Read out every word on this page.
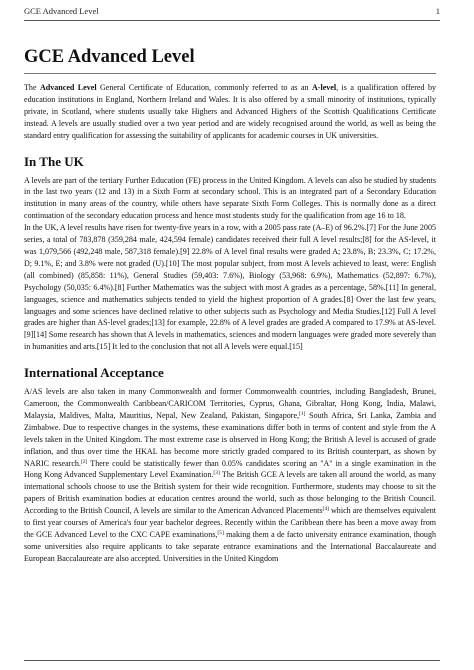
GCE Advanced Level	1
GCE Advanced Level

The Advanced Level General Certificate of Education, commonly referred to as an A-level, is a qualification offered by education institutions in England, Northern Ireland and Wales. It is also offered by a small minority of institutions, typically private, in Scotland, where students usually take Highers and Advanced Highers of the Scottish Qualifications Certificate instead. A levels are usually studied over a two year period and are widely recognised around the world, as well as being the standard entry qualification for assessing the suitability of applicants for academic courses in UK universities.

In The UK

A levels are part of the tertiary Further Education (FE) process in the United Kingdom. A levels can also be studied by students in the last two years (12 and 13) in a Sixth Form at secondary school. This is an integrated part of a Secondary Education institution in many areas of the country, while others have separate Sixth Form Colleges. This is normally done as a direct continuation of the secondary education process and hence most students study for the qualification from age 16 to 18.

In the UK, A level results have risen for twenty-five years in a row, with a 2005 pass rate (A–E) of 96.2%.[7] For the June 2005 series, a total of 783,878 (359,284 male, 424,594 female) candidates received their full A level results;[8] for the AS-level, it was 1,079,566 (492,248 male, 587,318 female).[9] 22.8% of A level final results were graded A; 23.8%, B; 23.3%, C; 17.2%, D; 9.1%, E; and 3.8% were not graded (U).[10] The most popular subject, from most A levels achieved to least, were: English (all combined) (85,858: 11%), General Studies (59,403: 7.6%), Biology (53,968: 6.9%), Mathematics (52,897: 6.7%), Psychology (50,035: 6.4%).[8] Further Mathematics was the subject with most A grades as a percentage, 58%.[11] In general, languages, science and mathematics subjects tended to yield the highest proportion of A grades.[8] Over the last few years, languages and some sciences have declined relative to other subjects such as Psychology and Media Studies.[12] Full A level grades are higher than AS-level grades;[13] for example, 22.8% of A level grades are graded A compared to 17.9% at AS-level.[9][14] Some research has shown that A levels in mathematics, sciences and modern languages were graded more severely than in humanities and arts.[15] It led to the conclusion that not all A levels were equal.[15]

International Acceptance

A/AS levels are also taken in many Commonwealth and former Commonwealth countries, including Bangladesh, Brunei, Cameroon, the Commonwealth Caribbean/CARICOM Territories, Cyprus, Ghana, Gibraltar, Hong Kong, India, Malawi, Malaysia, Maldives, Malta, Mauritius, Nepal, New Zealand, Pakistan, Singapore,[1] South Africa, Sri Lanka, Zambia and Zimbabwe. Due to respective changes in the systems, these examinations differ both in terms of content and style from the A levels taken in the United Kingdom. The most extreme case is observed in Hong Kong; the British A level is accused of grade inflation, and thus over time the HKAL has become more strictly graded compared to its British counterpart, as shown by NARIC research.[2] There could be statistically fewer than 0.05% candidates scoring an "A" in a single examination in the Hong Kong Advanced Supplementary Level Examination.[3] The British GCE A levels are taken all around the world, as many international schools choose to use the British system for their wide recognition. Furthermore, students may choose to sit the papers of British examination bodies at education centres around the world, such as those belonging to the British Council. According to the British Council, A levels are similar to the American Advanced Placements[4] which are themselves equivalent to first year courses of America's four year bachelor degrees. Recently within the Caribbean there has been a move away from the GCE Advanced Level to the CXC CAPE examinations,[5] making them a de facto university entrance examination, though some universities also require applicants to take separate entrance examinations and the International Baccalaureate and European Baccalaureate are also accepted. Universities in the United Kingdom
